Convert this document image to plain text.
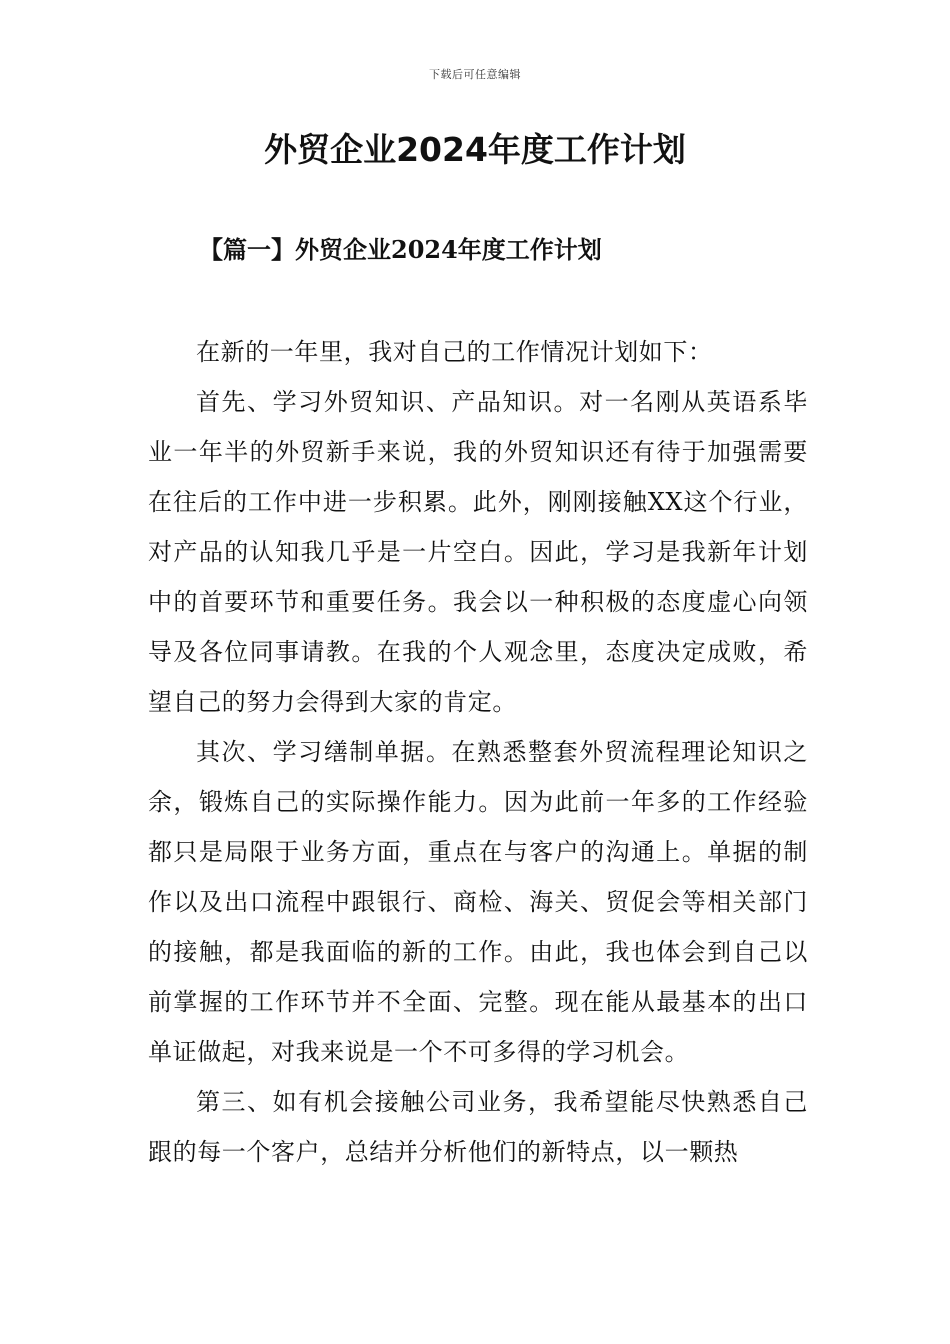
下载后可任意编辑
外贸企业2024年度工作计划
【篇一】外贸企业2024年度工作计划

在新的一年里，我对自己的工作情况计划如下：

首先、学习外贸知识、产品知识。对一名刚从英语系毕业一年半的外贸新手来说，我的外贸知识还有待于加强需要在往后的工作中进一步积累。此外，刚刚接触XX这个行业，对产品的认知我几乎是一片空白。因此，学习是我新年计划中的首要环节和重要任务。我会以一种积极的态度虚心向领导及各位同事请教。在我的个人观念里，态度决定成败，希望自己的努力会得到大家的肯定。

其次、学习缮制单据。在熟悉整套外贸流程理论知识之余，锻炼自己的实际操作能力。因为此前一年多的工作经验都只是局限于业务方面，重点在与客户的沟通上。单据的制作以及出口流程中跟银行、商检、海关、贸促会等相关部门的接触，都是我面临的新的工作。由此，我也体会到自己以前掌握的工作环节并不全面、完整。现在能从最基本的出口单证做起，对我来说是一个不可多得的学习机会。

第三、如有机会接触公司业务，我希望能尽快熟悉自己跟的每一个客户，总结并分析他们的新特点，以一颗热
